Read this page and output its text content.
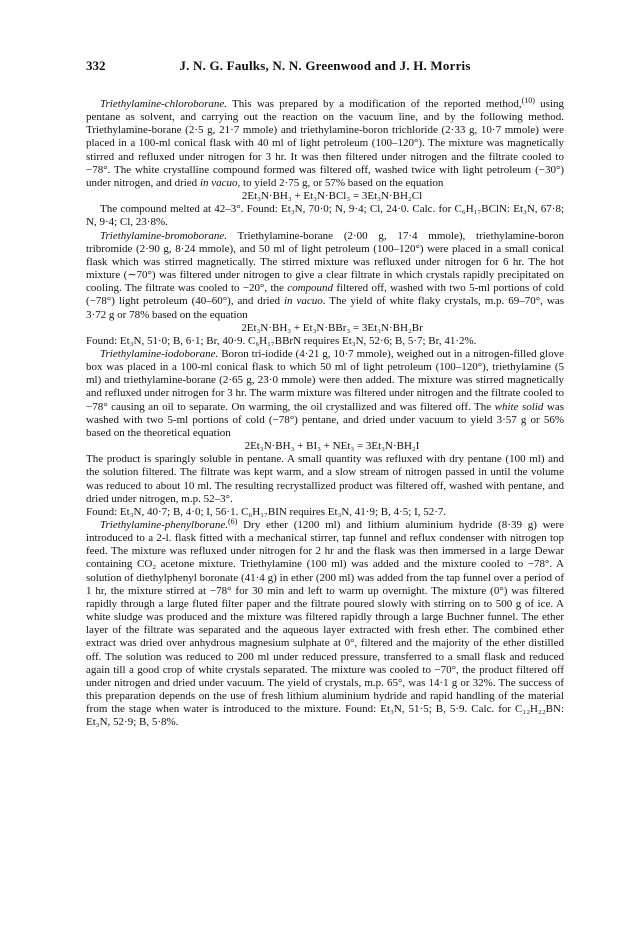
332	J. N. G. Faulks, N. N. Greenwood and J. H. Morris

Triethylamine-chloroborane. This was prepared by a modification of the reported method,$^{(10)}$ using pentane as solvent, and carrying out the reaction on the vacuum line, and by the following method. Triethylamine-borane (2·5 g, 21·7 mmole) and triethylamine-boron trichloride (2·33 g, 10·7 mmole) were placed in a 100-ml conical flask with 40 ml of light petroleum (100–120°). The mixture was magnetically stirred and refluxed under nitrogen for 3 hr. It was then filtered under nitrogen and the filtrate cooled to −78°. The white crystalline compound formed was filtered off, washed twice with light petroleum (−30°) under nitrogen, and dried in vacuo, to yield 2·75 g, or 57% based on the equation

2Et₃N·BH₃ + Et₃N·BCl₃ = 3Et₃N·BH₂Cl

The compound melted at 42–3°. Found: Et₃N, 70·0; N, 9·4; Cl, 24·0. Calc. for C₆H₁₇BClN: Et₃N, 67·8; N, 9·4; Cl, 23·8%.

Triethylamine-bromoborane. Triethylamine-borane (2·00 g, 17·4 mmole), triethylamine-boron tribromide (2·90 g, 8·24 mmole), and 50 ml of light petroleum (100–120°) were placed in a small conical flask which was stirred magnetically. The stirred mixture was refluxed under nitrogen for 6 hr. The hot mixture (∼70°) was filtered under nitrogen to give a clear filtrate in which crystals rapidly precipitated on cooling. The filtrate was cooled to −20°, the compound filtered off, washed with two 5-ml portions of cold (−78°) light petroleum (40–60°), and dried in vacuo. The yield of white flaky crystals, m.p. 69–70°, was 3·72 g or 78% based on the equation

2Et₃N·BH₃ + Et₃N·BBr₃ = 3Et₃N·BH₂Br

Found: Et₃N, 51·0; B, 6·1; Br, 40·9. C₆H₁₇BBrN requires Et₃N, 52·6; B, 5·7; Br, 41·2%.

Triethylamine-iodoborane. Boron tri-iodide (4·21 g, 10·7 mmole), weighed out in a nitrogen-filled glove box was placed in a 100-ml conical flask to which 50 ml of light petroleum (100–120°), triethylamine (5 ml) and triethylamine-borane (2·65 g, 23·0 mmole) were then added. The mixture was stirred magnetically and refluxed under nitrogen for 3 hr. The warm mixture was filtered under nitrogen and the filtrate cooled to −78° causing an oil to separate. On warming, the oil crystallized and was filtered off. The white solid was washed with two 5-ml portions of cold (−78°) pentane, and dried under vacuum to yield 3·57 g or 56% based on the theoretical equation

2Et₃N·BH₃ + BI₃ + NEt₃ = 3Et₃N·BH₂I

The product is sparingly soluble in pentane. A small quantity was refluxed with dry pentane (100 ml) and the solution filtered. The filtrate was kept warm, and a slow stream of nitrogen passed in until the volume was reduced to about 10 ml. The resulting recrystallized product was filtered off, washed with pentane, and dried under nitrogen, m.p. 52–3°.

Found: Et₃N, 40·7; B, 4·0; I, 56·1. C₆H₁₇BIN requires Et₃N, 41·9; B, 4·5; I, 52·7.

Triethylamine-phenylborane.$^{(6)}$ Dry ether (1200 ml) and lithium aluminium hydride (8·39 g) were introduced to a 2-l. flask fitted with a mechanical stirrer, tap funnel and reflux condenser with nitrogen top feed. The mixture was refluxed under nitrogen for 2 hr and the flask was then immersed in a large Dewar containing CO₂ acetone mixture. Triethylamine (100 ml) was added and the mixture cooled to −78°. A solution of diethylphenyl boronate (41·4 g) in ether (200 ml) was added from the tap funnel over a period of 1 hr, the mixture stirred at −78° for 30 min and left to warm up overnight. The mixture (0°) was filtered rapidly through a large fluted filter paper and the filtrate poured slowly with stirring on to 500 g of ice. A white sludge was produced and the mixture was filtered rapidly through a large Buchner funnel. The ether layer of the filtrate was separated and the aqueous layer extracted with fresh ether. The combined ether extract was dried over anhydrous magnesium sulphate at 0°, filtered and the majority of the ether distilled off. The solution was reduced to 200 ml under reduced pressure, transferred to a small flask and reduced again till a good crop of white crystals separated. The mixture was cooled to −70°, the product filtered off under nitrogen and dried under vacuum. The yield of crystals, m.p. 65°, was 14·1 g or 32%. The success of this preparation depends on the use of fresh lithium aluminium hydride and rapid handling of the material from the stage when water is introduced to the mixture. Found: Et₃N, 51·5; B, 5·9. Calc. for C₁₂H₂₂BN: Et₃N, 52·9; B, 5·8%.
